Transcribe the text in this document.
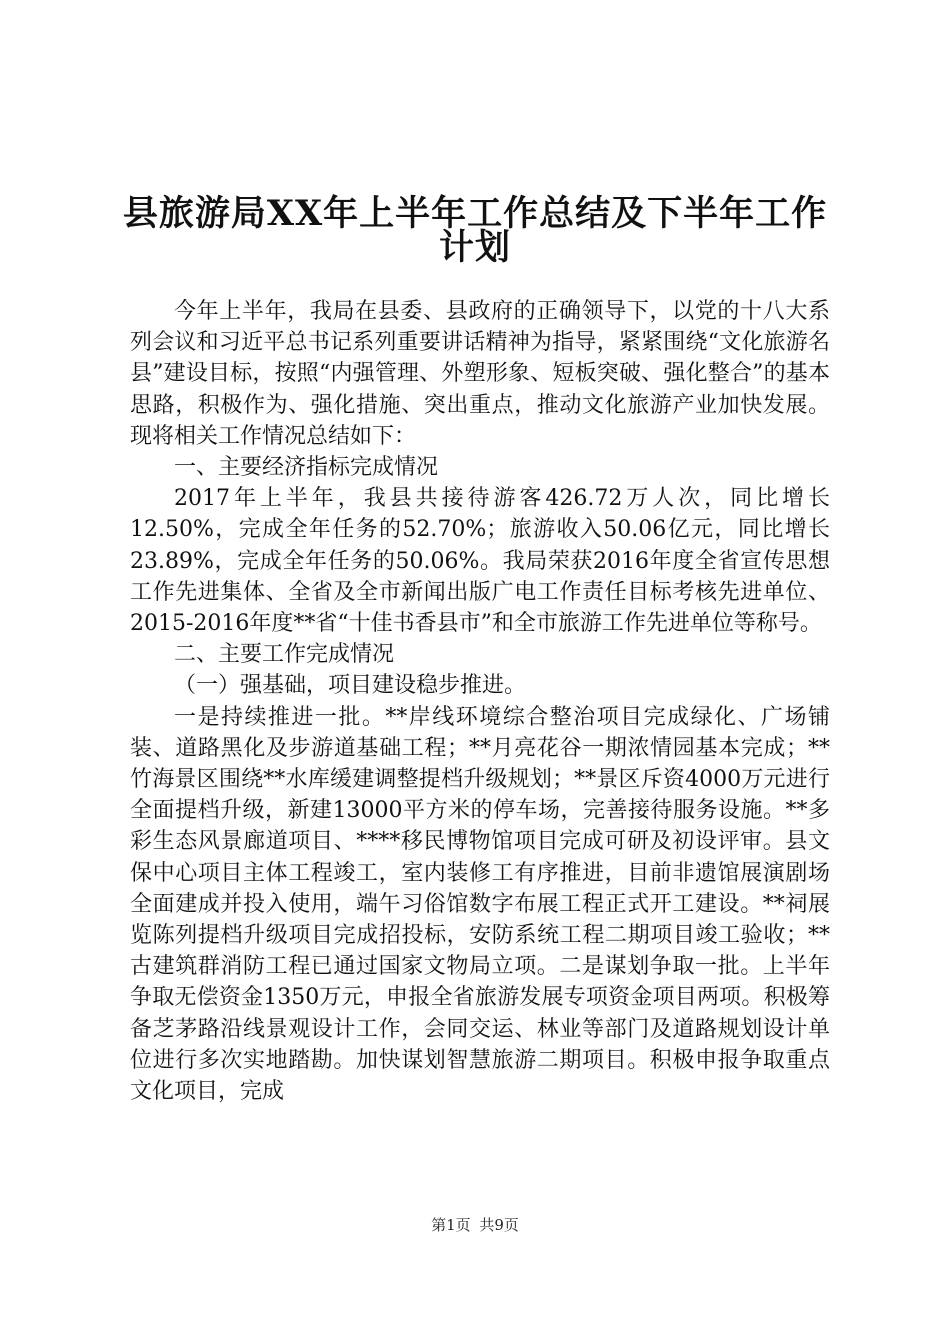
县旅游局XX年上半年工作总结及下半年工作
计划

今年上半年，我局在县委、县政府的正确领导下，以党的十八大系列会议和习近平总书记系列重要讲话精神为指导，紧紧围绕“文化旅游名县”建设目标，按照“内强管理、外塑形象、短板突破、强化整合”的基本思路，积极作为、强化措施、突出重点，推动文化旅游产业加快发展。现将相关工作情况总结如下：

一、主要经济指标完成情况

2017年上半年，我县共接待游客426.72万人次，同比增长12.50%，完成全年任务的52.70%；旅游收入50.06亿元，同比增长23.89%，完成全年任务的50.06%。我局荣获2016年度全省宣传思想工作先进集体、全省及全市新闻出版广电工作责任目标考核先进单位、2015-2016年度**省“十佳书香县市”和全市旅游工作先进单位等称号。

二、主要工作完成情况

（一）强基础，项目建设稳步推进。

一是持续推进一批。**岸线环境综合整治项目完成绿化、广场铺装、道路黑化及步游道基础工程；**月亮花谷一期浓情园基本完成；**竹海景区围绕**水库缓建调整提档升级规划；**景区斥资4000万元进行全面提档升级，新建13000平方米的停车场，完善接待服务设施。**多彩生态风景廊道项目、****移民博物馆项目完成可研及初设评审。县文保中心项目主体工程竣工，室内装修工有序推进，目前非遗馆展演剧场全面建成并投入使用，端午习俗馆数字布展工程正式开工建设。**祠展览陈列提档升级项目完成招投标，安防系统工程二期项目竣工验收；**古建筑群消防工程已通过国家文物局立项。二是谋划争取一批。上半年争取无偿资金1350万元，申报全省旅游发展专项资金项目两项。积极筹备芝茅路沿线景观设计工作，会同交运、林业等部门及道路规划设计单位进行多次实地踏勘。加快谋划智慧旅游二期项目。积极申报争取重点文化项目，完成

第1页 共9页
